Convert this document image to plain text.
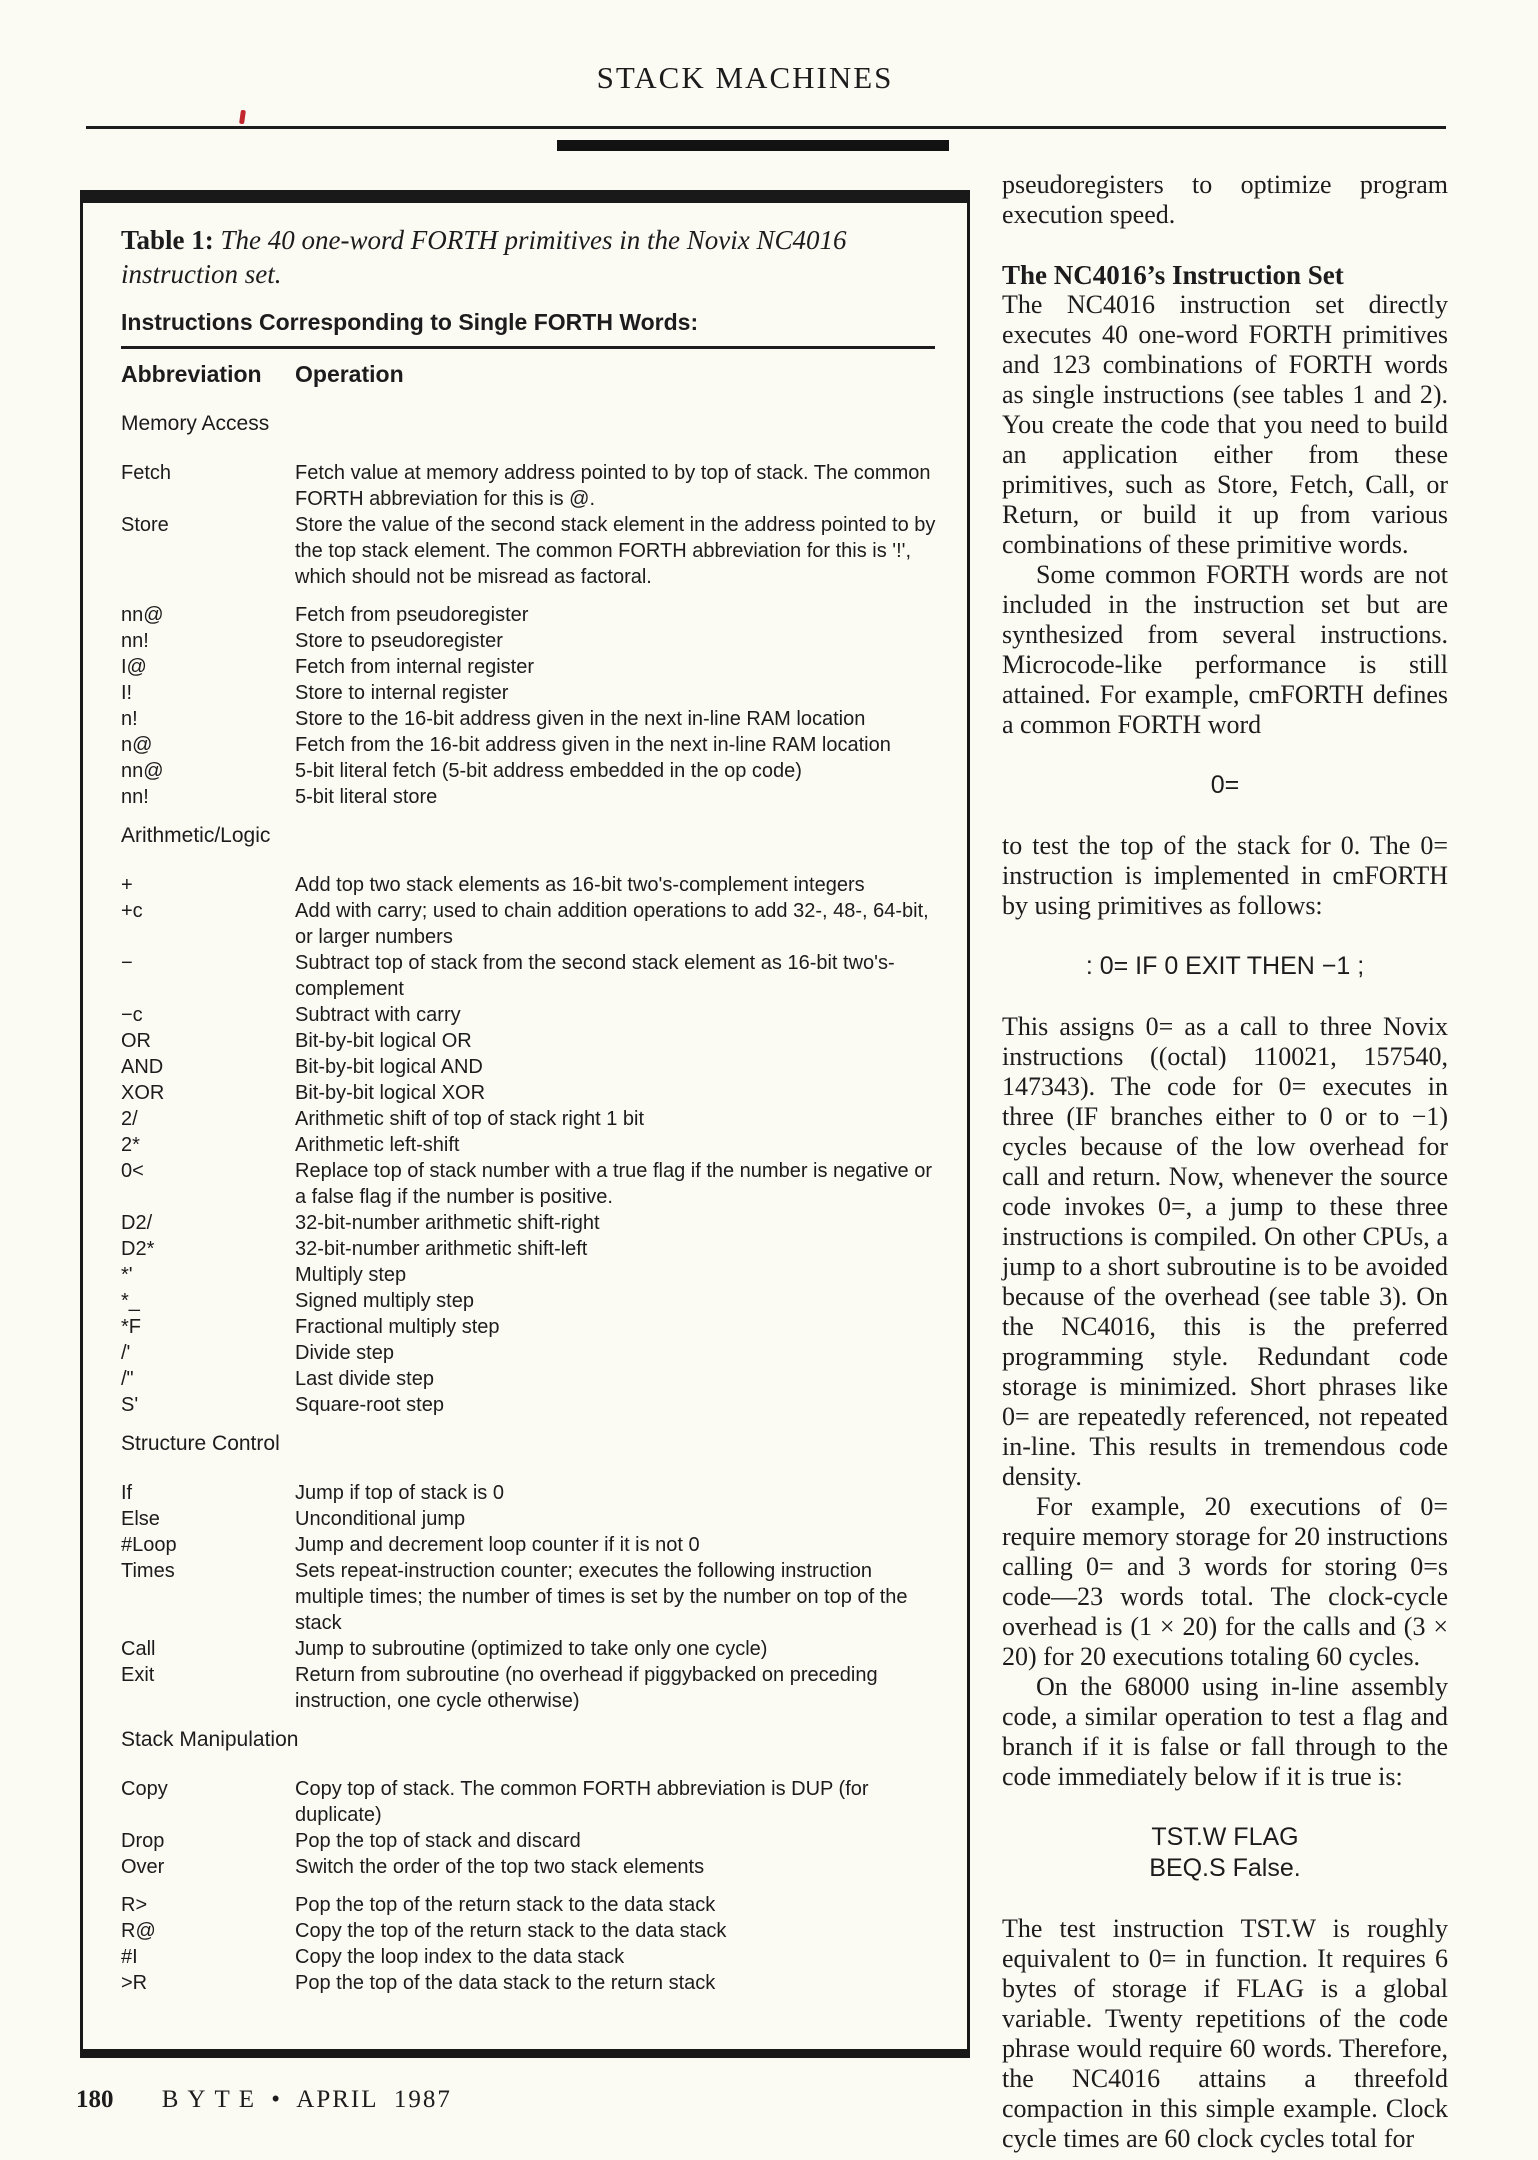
STACK MACHINES
Table 1: The 40 one-word FORTH primitives in the Novix NC4016 instruction set.
Instructions Corresponding to Single FORTH Words:
Abbreviation	Operation
Memory Access
Fetch	Fetch value at memory address pointed to by top of stack. The common FORTH abbreviation for this is @.
Store	Store the value of the second stack element in the address pointed to by the top stack element. The common FORTH abbreviation for this is '!', which should not be misread as factoral.
nn@	Fetch from pseudoregister
nn!	Store to pseudoregister
I@	Fetch from internal register
I!	Store to internal register
n!	Store to the 16-bit address given in the next in-line RAM location
n@	Fetch from the 16-bit address given in the next in-line RAM location
nn@	5-bit literal fetch (5-bit address embedded in the op code)
nn!	5-bit literal store
Arithmetic/Logic
+	Add top two stack elements as 16-bit two's-complement integers
+c	Add with carry; used to chain addition operations to add 32-, 48-, 64-bit, or larger numbers
−	Subtract top of stack from the second stack element as 16-bit two's-complement
−c	Subtract with carry
OR	Bit-by-bit logical OR
AND	Bit-by-bit logical AND
XOR	Bit-by-bit logical XOR
2/	Arithmetic shift of top of stack right 1 bit
2*	Arithmetic left-shift
0<	Replace top of stack number with a true flag if the number is negative or a false flag if the number is positive.
D2/	32-bit-number arithmetic shift-right
D2*	32-bit-number arithmetic shift-left
*'	Multiply step
*_	Signed multiply step
*F	Fractional multiply step
/'	Divide step
/"	Last divide step
S'	Square-root step
Structure Control
If	Jump if top of stack is 0
Else	Unconditional jump
#Loop	Jump and decrement loop counter if it is not 0
Times	Sets repeat-instruction counter; executes the following instruction multiple times; the number of times is set by the number on top of the stack
Call	Jump to subroutine (optimized to take only one cycle)
Exit	Return from subroutine (no overhead if piggybacked on preceding instruction, one cycle otherwise)
Stack Manipulation
Copy	Copy top of stack. The common FORTH abbreviation is DUP (for duplicate)
Drop	Pop the top of stack and discard
Over	Switch the order of the top two stack elements
R>	Pop the top of the return stack to the data stack
R@	Copy the top of the return stack to the data stack
#I	Copy the loop index to the data stack
>R	Pop the top of the data stack to the return stack

pseudoregisters to optimize program execution speed.

The NC4016’s Instruction Set

The NC4016 instruction set directly executes 40 one-word FORTH primitives and 123 combinations of FORTH words as single instructions (see tables 1 and 2). You create the code that you need to build an application either from these primitives, such as Store, Fetch, Call, or Return, or build it up from various combinations of these primitive words.

Some common FORTH words are not included in the instruction set but are synthesized from several instructions. Microcode-like performance is still attained. For example, cmFORTH defines a common FORTH word

0=

to test the top of the stack for 0. The 0= instruction is implemented in cmFORTH by using primitives as follows:

: 0= IF 0 EXIT THEN −1 ;

This assigns 0= as a call to three Novix instructions ((octal) 110021, 157540, 147343). The code for 0= executes in three (IF branches either to 0 or to −1) cycles because of the low overhead for call and return. Now, whenever the source code invokes 0=, a jump to these three instructions is compiled. On other CPUs, a jump to a short subroutine is to be avoided because of the overhead (see table 3). On the NC4016, this is the preferred programming style. Redundant code storage is minimized. Short phrases like 0= are repeatedly referenced, not repeated in-line. This results in tremendous code density.

For example, 20 executions of 0= require memory storage for 20 instructions calling 0= and 3 words for storing 0=s code—23 words total. The clock-cycle overhead is (1 × 20) for the calls and (3 × 20) for 20 executions totaling 60 cycles.

On the 68000 using in-line assembly code, a similar operation to test a flag and branch if it is false or fall through to the code immediately below if it is true is:

TST.W FLAG
BEQ.S False.

The test instruction TST.W is roughly equivalent to 0= in function. It requires 6 bytes of storage if FLAG is a global variable. Twenty repetitions of the code phrase would require 60 words. Therefore, the NC4016 attains a threefold compaction in this simple example. Clock cycle times are 60 clock cycles total for

180 BYTE • APRIL 1987
